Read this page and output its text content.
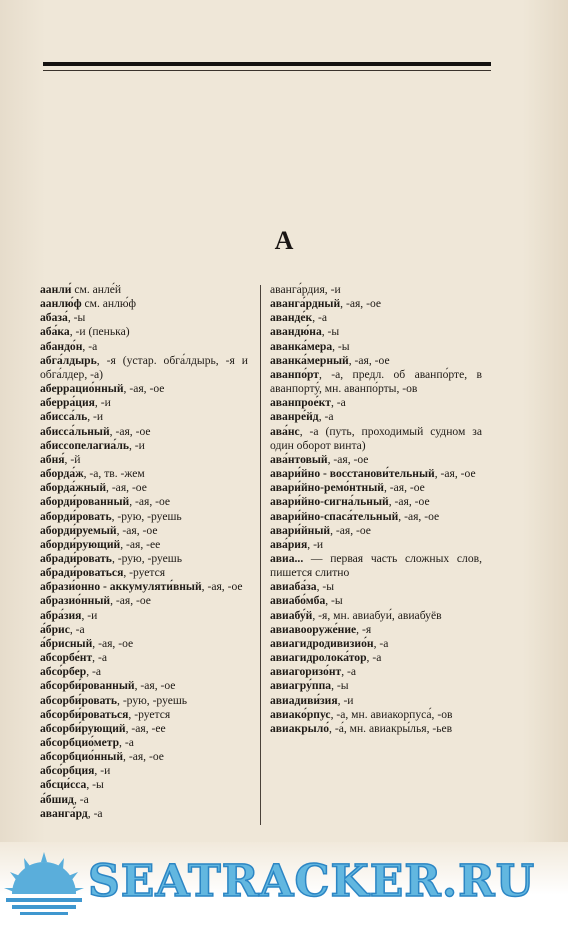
А
аанли́ см. анле́й
аанлю́ф см. анлю́ф
абаза́, -ы
аба́ка, -и (пенька)
абандо́н, -а
абга́лдырь, -я (устар. обга́лдырь, -я и обга́лдер, -а)
аберрацио́нный, -ая, -ое
аберра́ция, -и
абисса́ль, -и
абисса́льный, -ая, -ое
абиссопелагиа́ль, -и
абня́, -й
аборда́ж, -а, тв. -жем
аборда́жный, -ая, -ое
аборди́рованный, -ая, -ое
аборди́ровать, -рую, -руешь
аборди́руемый, -ая, -ое
аборди́рующий, -ая, -ее
абради́ровать, -рую, -руешь
абради́роваться, -руется
абрази́онно - аккумуляти́вный, -ая, -ое
абразио́нный, -ая, -ое
абра́зия, -и
а́брис, -а
а́брисный, -ая, -ое
абсорбе́нт, -а
абсо́рбер, -а
абсорби́рованный, -ая, -ое
абсорби́ровать, -рую, -руешь
абсорби́роваться, -руется
абсорби́рующий, -ая, -ее
абсорбцио́метр, -а
абсорбцио́нный, -ая, -ое
абсо́рбция, -и
абсци́сса, -ы
а́бшид, -а
аванга́рд, -а
аванга́рдия, -и
аванга́рдный, -ая, -ое
аванде́к, -а
авандю́на, -ы
аванка́мера, -ы
аванка́мерный, -ая, -ое
аванпо́рт, -а, предл. об аванпо́рте, в аванпорту́, мн. аванпо́рты, -ов
аванпрое́кт, -а
аванре́йд, -а
ава́нс, -а (путь, проходимый судном за один оборот винта)
ава́нтовый, -ая, -ое
авари́йно - восстанови́тельный, -ая, -ое
авари́йно-ремо́нтный, -ая, -ое
авари́йно-сигна́льный, -ая, -ое
авари́йно-спаса́тельный, -ая, -ое
авари́йный, -ая, -ое
ава́рия, -и
авиа... — первая часть сложных слов, пишется слитно
авиаба́за, -ы
авиабо́мба, -ы
авиабу́й, -я, мн. авиабуи́, авиабуёв
авиавооруже́ние, -я
авиагидродивизио́н, -а
авиагидролока́тор, -а
авиагоризо́нт, -а
авиагру́ппа, -ы
авиадиви́зия, -и
авиако́рпус, -а, мн. авиакорпуса́, -ов
авиакрыло́, -а́, мн. авиакры́лья, -ьев
SEATRACKER.RU
